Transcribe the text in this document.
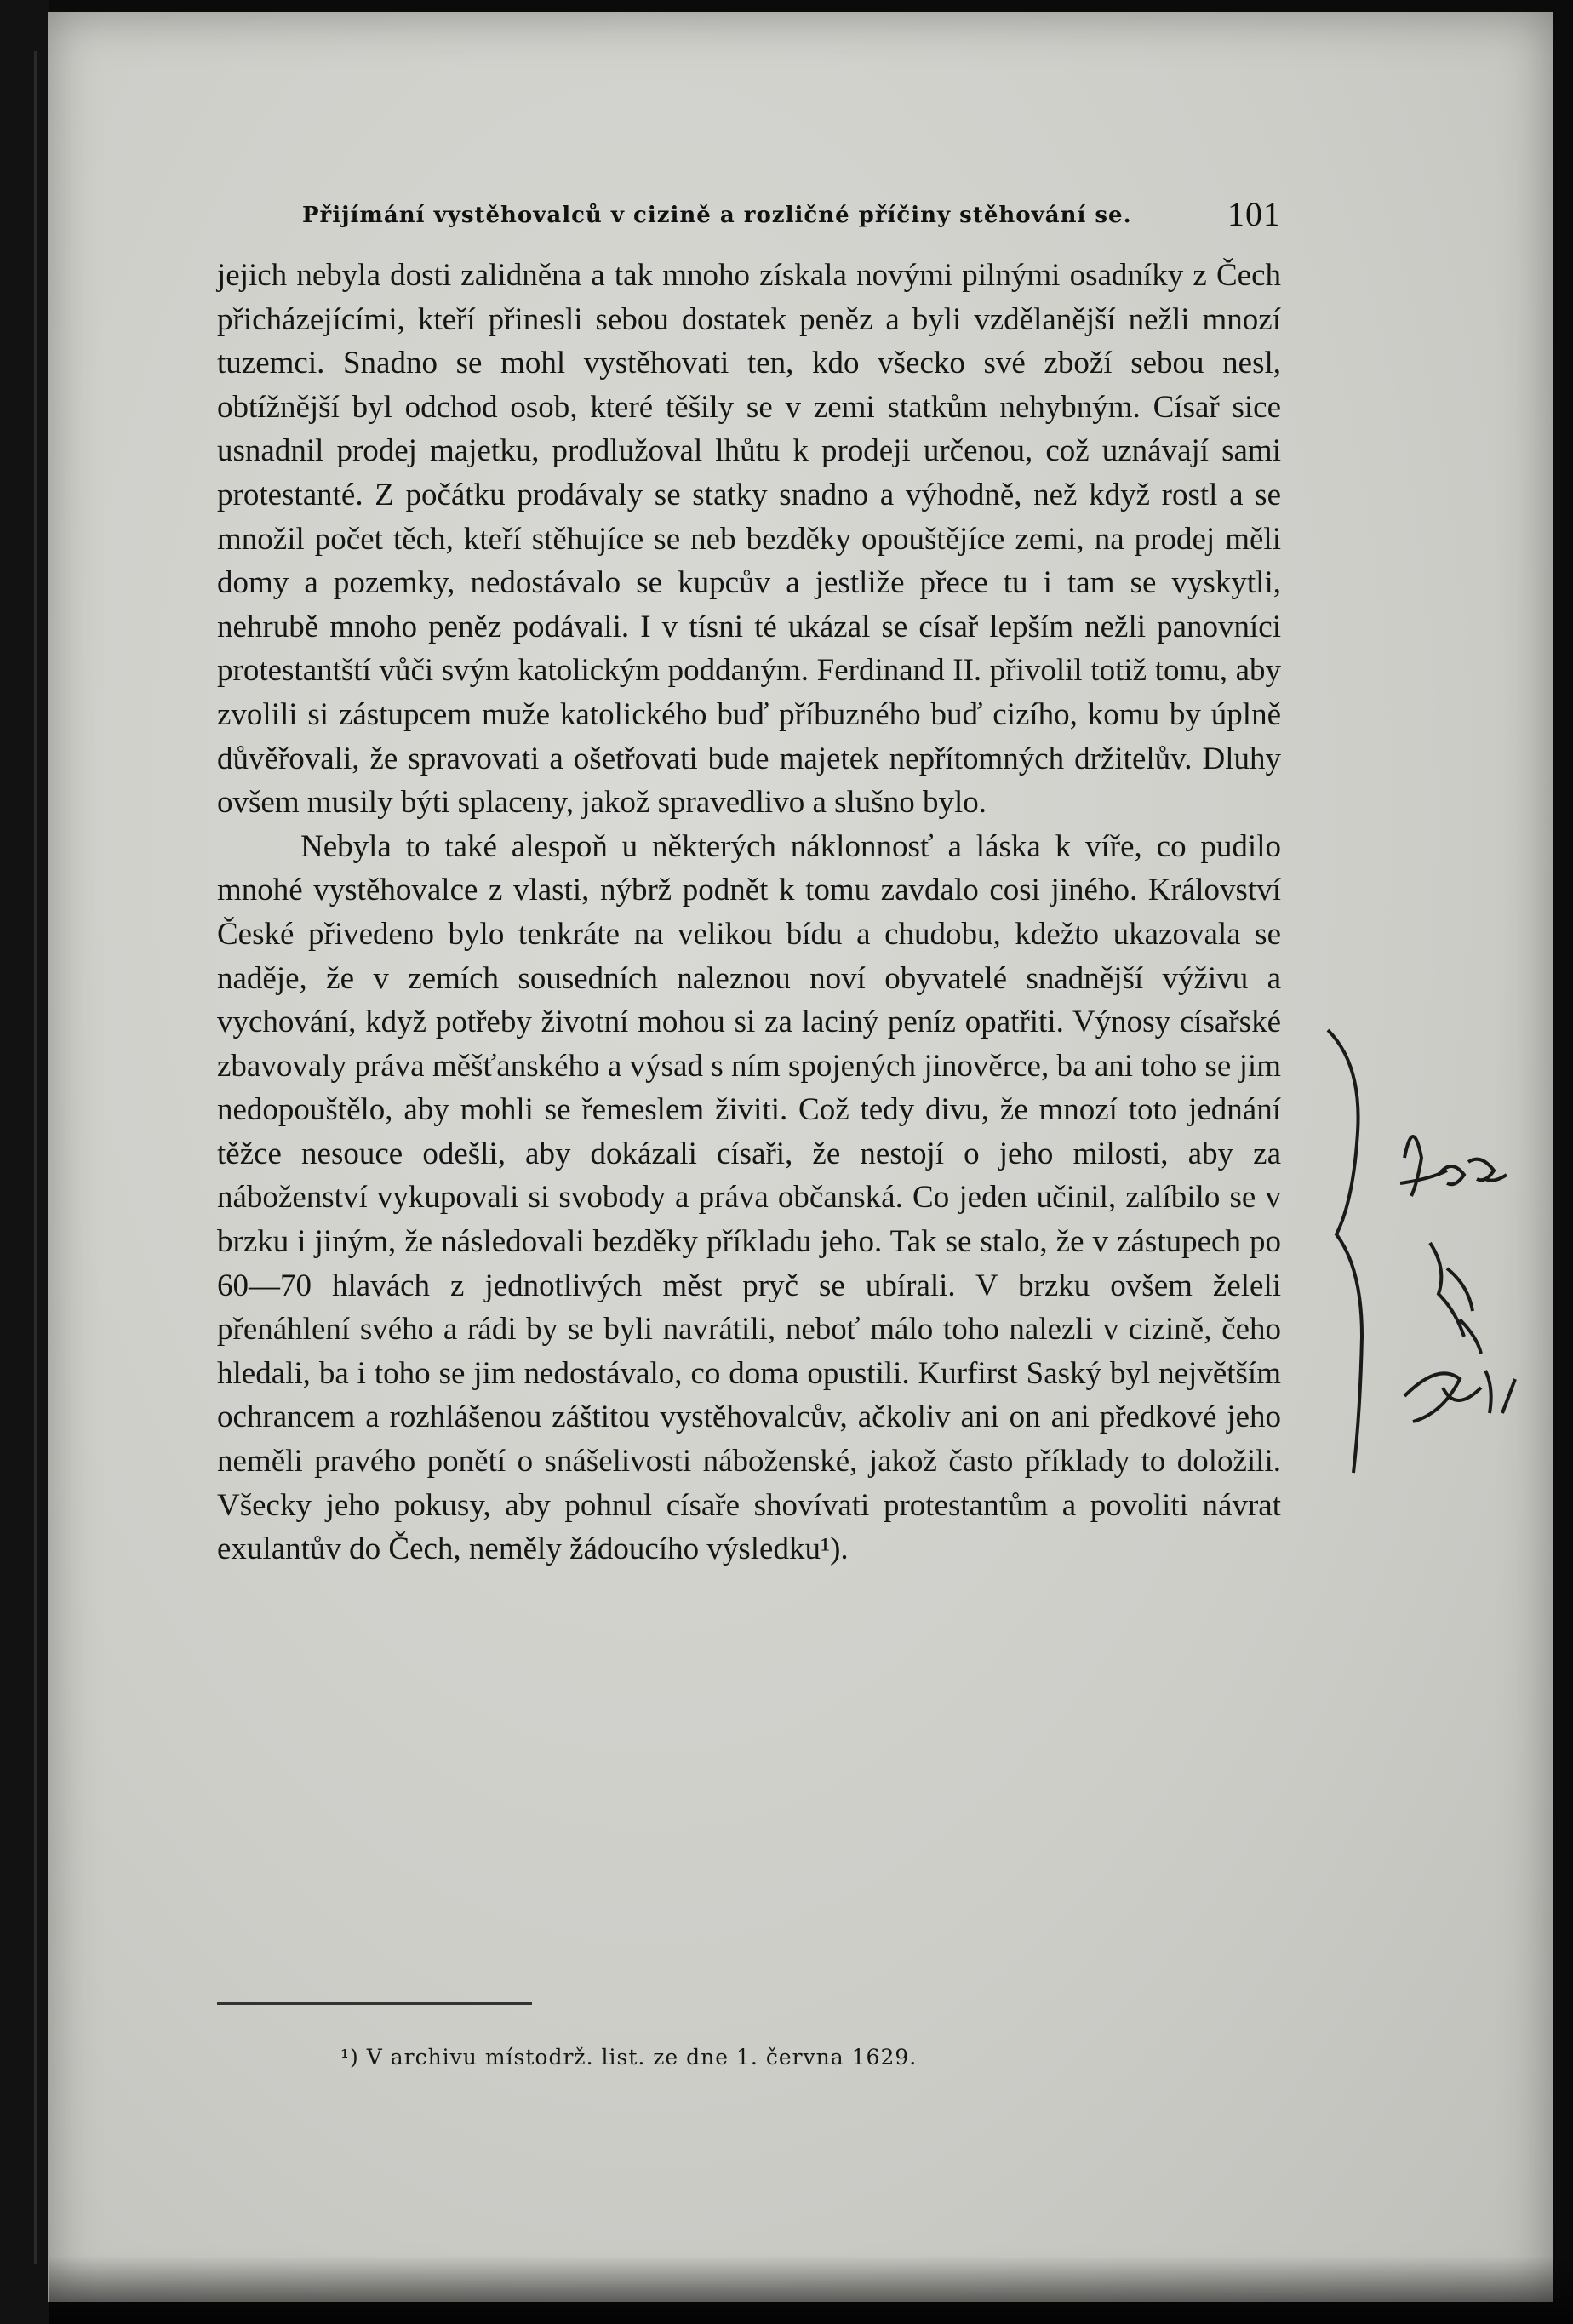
Přijímání vystěhovalců v cizině a rozličné příčiny stěhování se.	101

jejich nebyla dosti zalidněna a tak mnoho získala novými pilnými osadníky z Čech přicházejícími, kteří přinesli sebou dostatek peněz a byli vzdělanější nežli mnozí tuzemci. Snadno se mohl vystěhovati ten, kdo všecko své zboží sebou nesl, obtížnější byl odchod osob, které těšily se v zemi statkům nehybným. Císař sice usnadnil prodej majetku, prodlužoval lhůtu k prodeji určenou, což uznávají sami protestanté. Z počátku prodávaly se statky snadno a výhodně, než když rostl a se množil počet těch, kteří stěhujíce se neb bezděky opouštějíce zemi, na prodej měli domy a pozemky, nedostávalo se kupcův a jestliže přece tu i tam se vyskytli, nehrubě mnoho peněz podávali. I v tísni té ukázal se císař lepším nežli panovníci protestantští vůči svým katolickým poddaným. Ferdinand II. přivolil totiž tomu, aby zvolili si zástupcem muže katolického buď příbuzného buď cizího, komu by úplně důvěřovali, že spravovati a ošetřovati bude majetek nepřítomných držitelův. Dluhy ovšem musily býti splaceny, jakož spravedlivo a slušno bylo.

Nebyla to také alespoň u některých náklonnosť a láska k víře, co pudilo mnohé vystěhovalce z vlasti, nýbrž podnět k tomu zavdalo cosi jiného. Království České přivedeno bylo tenkráte na velikou bídu a chudobu, kdežto ukazovala se naděje, že v zemích sousedních naleznou noví obyvatelé snadnější výživu a vychování, když potřeby životní mohou si za laciný peníz opatřiti. Výnosy císařské zbavovaly práva měšťanského a výsad s ním spojených jinověrce, ba ani toho se jim nedopouštělo, aby mohli se řemeslem živiti. Což tedy divu, že mnozí toto jednání těžce nesouce odešli, aby dokázali císaři, že nestojí o jeho milosti, aby za náboženství vykupovali si svobody a práva občanská. Co jeden učinil, zalíbilo se v brzku i jiným, že následovali bezděky příkladu jeho. Tak se stalo, že v zástupech po 60—70 hlavách z jednotlivých měst pryč se ubírali. V brzku ovšem želeli přenáhlení svého a rádi by se byli navrátili, neboť málo toho nalezli v cizině, čeho hledali, ba i toho se jim nedostávalo, co doma opustili. Kurfirst Saský byl největším ochrancem a rozhlášenou záštitou vystěhovalcův, ačkoliv ani on ani předkové jeho neměli pravého ponětí o snášelivosti náboženské, jakož často příklady to doložili. Všecky jeho pokusy, aby pohnul císaře shovívati protestantům a povoliti návrat exulantův do Čech, neměly žádoucího výsledku¹).

¹) V archivu místodrž. list. ze dne 1. června 1629.
